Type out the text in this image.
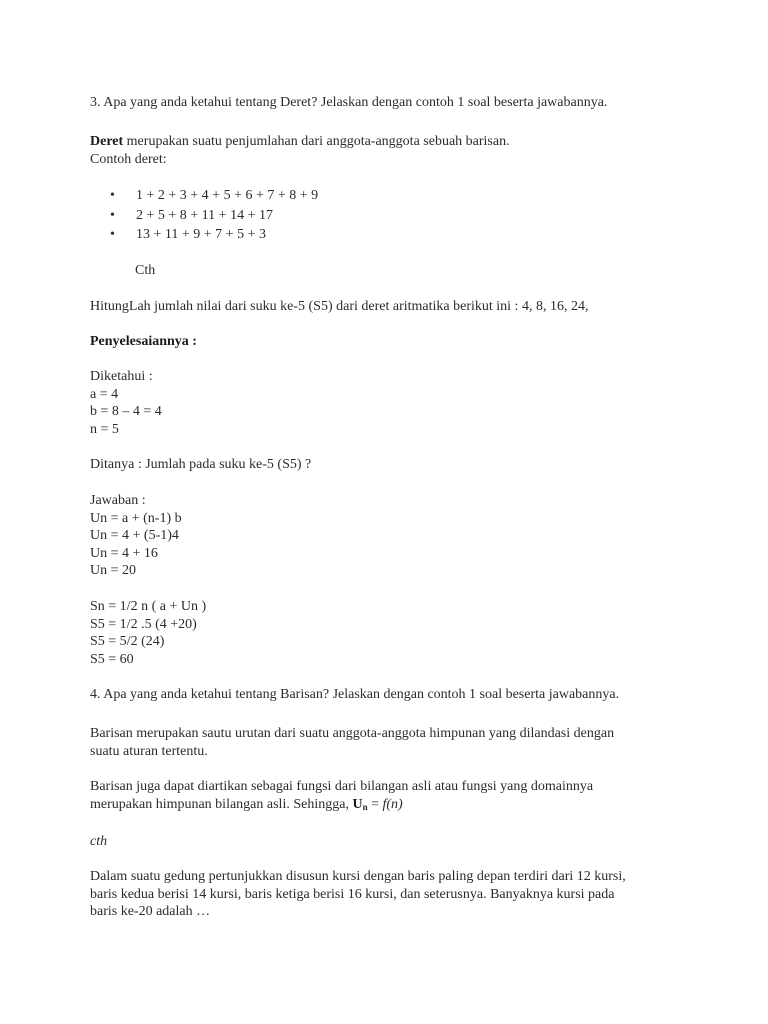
3. Apa yang anda ketahui tentang Deret? Jelaskan dengan contoh 1 soal beserta jawabannya.
Deret merupakan suatu penjumlahan dari anggota-anggota sebuah barisan.
Contoh deret:
• 1 + 2 + 3 + 4 + 5 + 6 + 7 + 8 + 9
• 2 + 5 + 8 + 11 + 14 + 17
• 13 + 11 + 9 + 7 + 5 + 3
Cth
HitungLah jumlah nilai dari suku ke-5 (S5) dari deret aritmatika berikut ini : 4, 8, 16, 24,
Penyelesaiannya :
Diketahui :
a = 4
b = 8 – 4 = 4
n = 5
Ditanya : Jumlah pada suku ke-5 (S5) ?
Jawaban :
Un = a + (n-1) b
Un = 4 + (5-1)4
Un = 4 + 16
Un = 20
Sn = 1/2 n ( a + Un )
S5 = 1/2 .5 (4 +20)
S5 = 5/2 (24)
S5 = 60
4. Apa yang anda ketahui tentang Barisan? Jelaskan dengan contoh 1 soal beserta jawabannya.
Barisan merupakan sautu urutan dari suatu anggota-anggota himpunan yang dilandasi dengan
suatu aturan tertentu.
Barisan juga dapat diartikan sebagai fungsi dari bilangan asli atau fungsi yang domainnya
merupakan himpunan bilangan asli. Sehingga, $U_n = f(n)$
cth
Dalam suatu gedung pertunjukkan disusun kursi dengan baris paling depan terdiri dari 12 kursi,
baris kedua berisi 14 kursi, baris ketiga berisi 16 kursi, dan seterusnya. Banyaknya kursi pada
baris ke-20 adalah …
